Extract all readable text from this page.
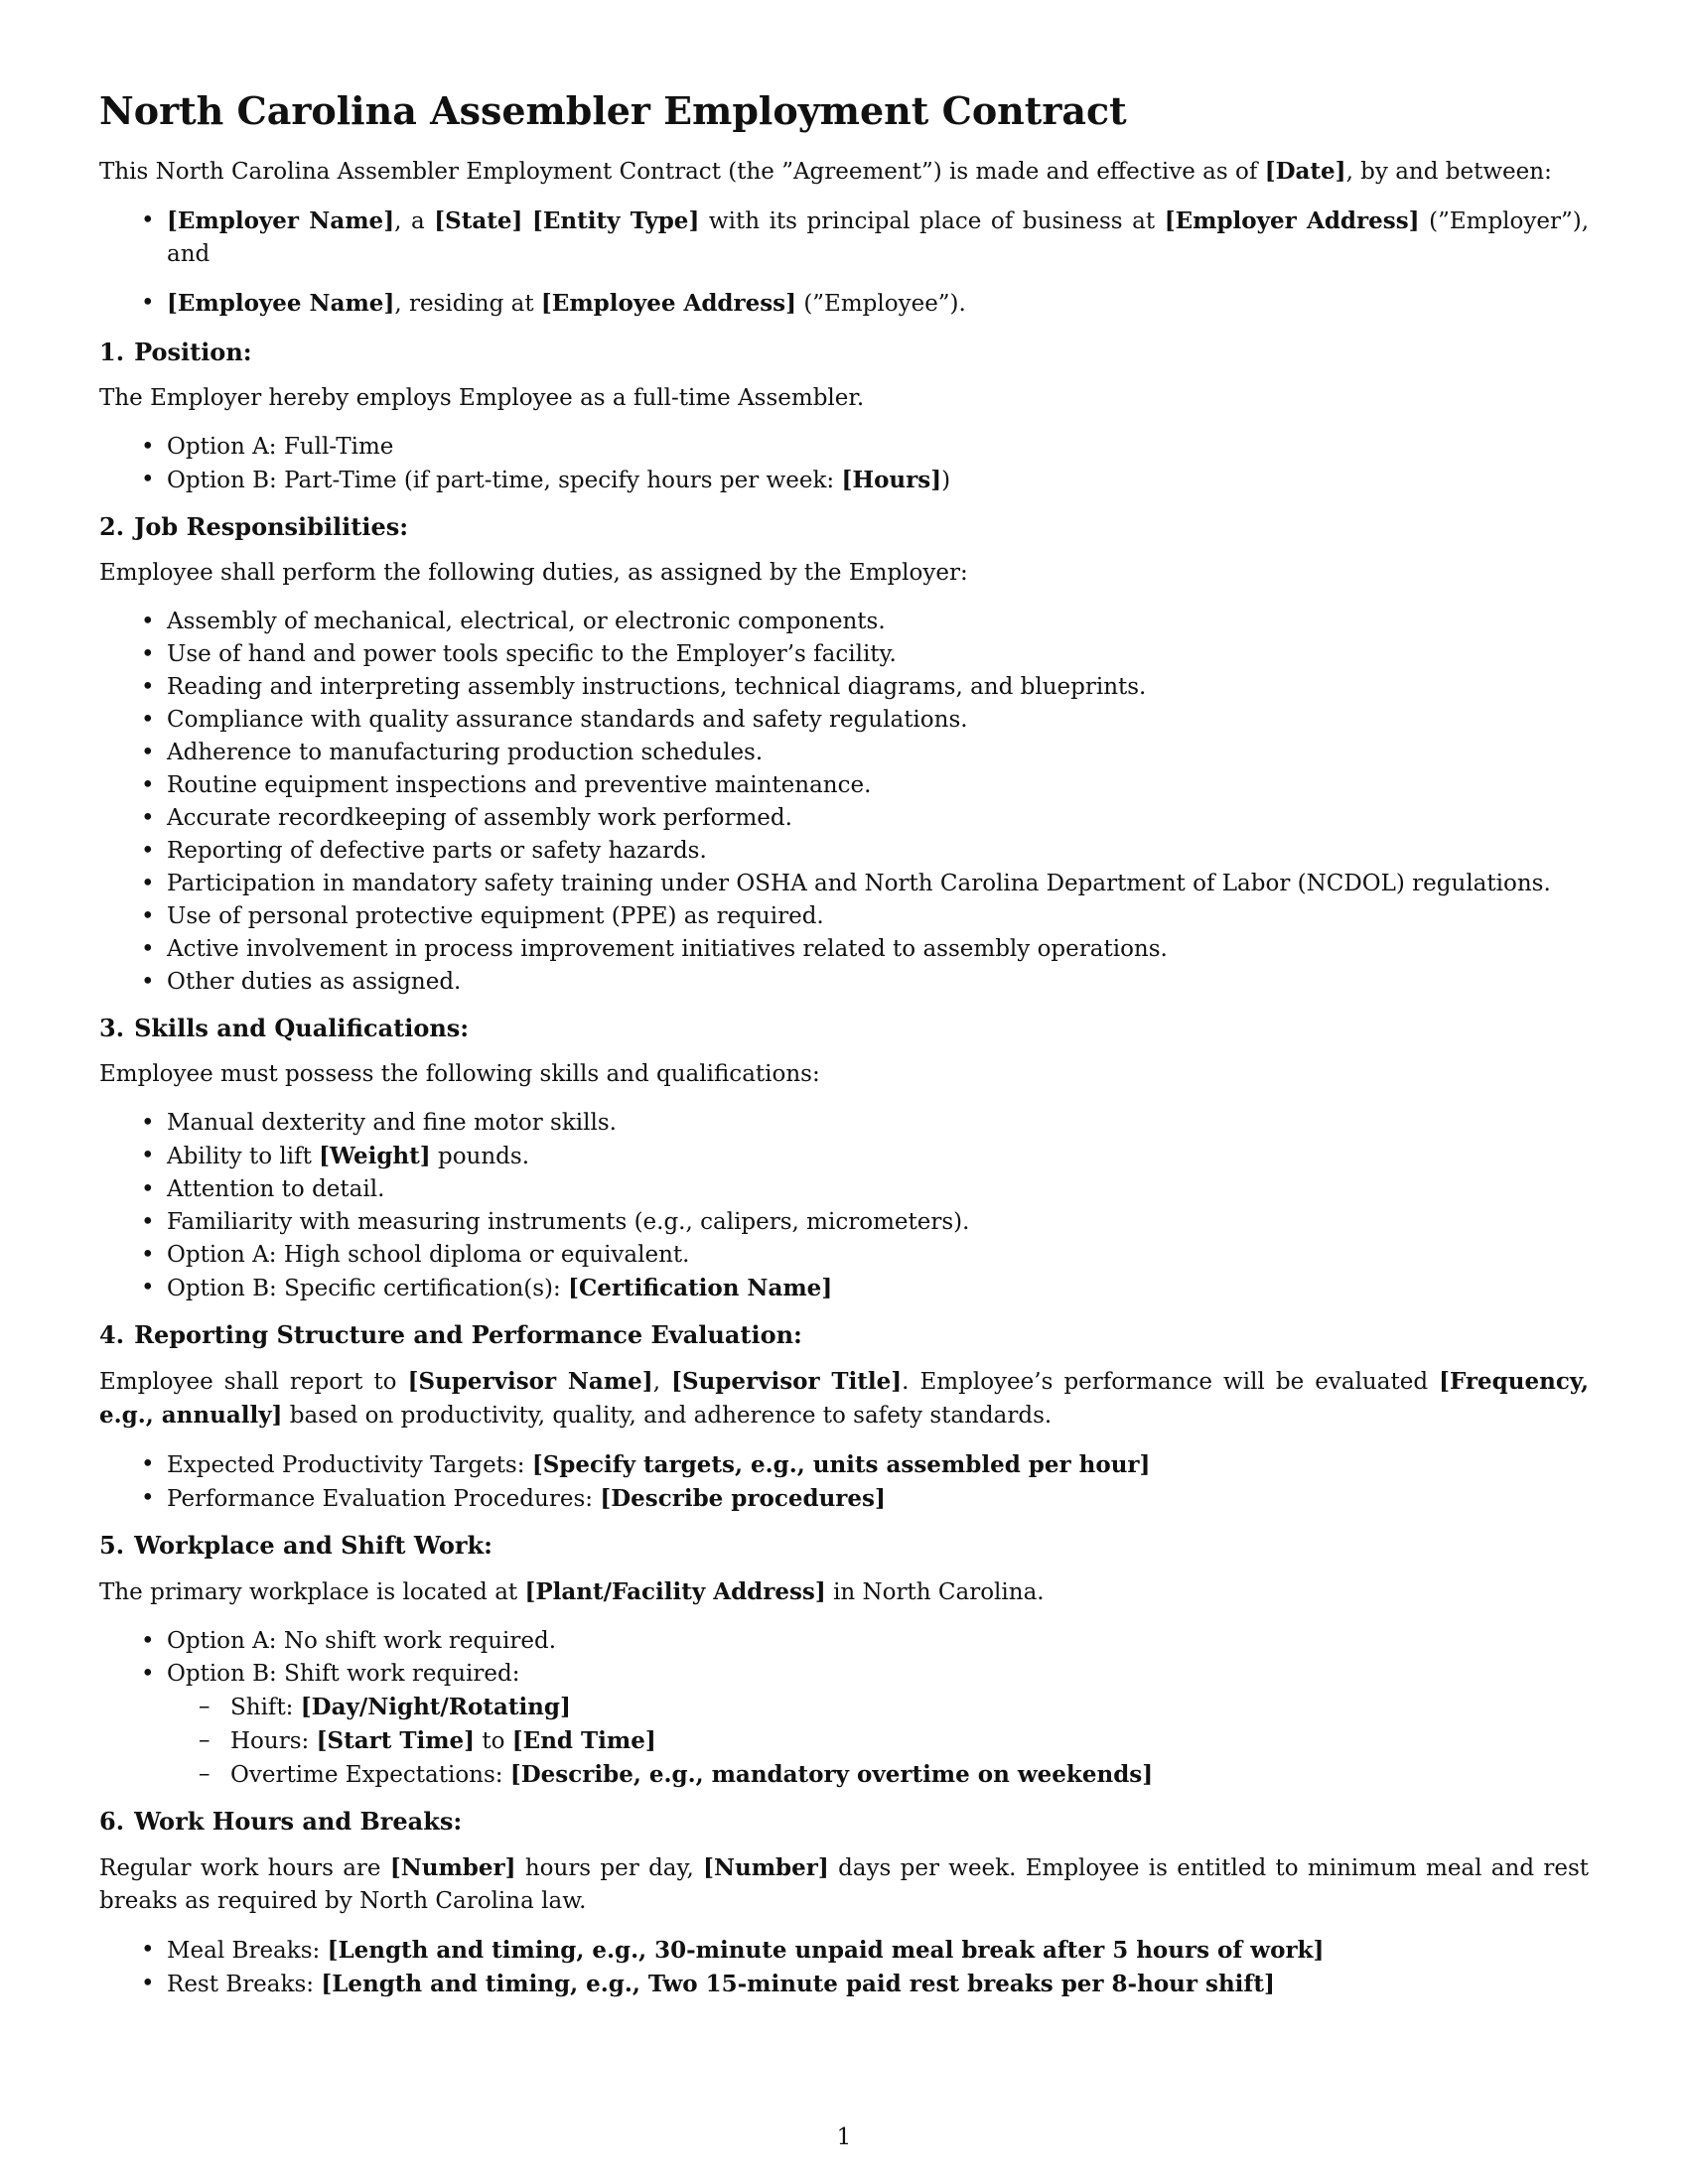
North Carolina Assembler Employment Contract

This North Carolina Assembler Employment Contract (the ”Agreement”) is made and effective as of [Date], by and between:

• [Employer Name], a [State] [Entity Type] with its principal place of business at [Employer Address] (”Employer”), and
• [Employee Name], residing at [Employee Address] (”Employee”).
1. Position:

The Employer hereby employs Employee as a full-time Assembler.

• Option A: Full-Time
• Option B: Part-Time (if part-time, specify hours per week: [Hours])
2. Job Responsibilities:

Employee shall perform the following duties, as assigned by the Employer:

• Assembly of mechanical, electrical, or electronic components.
• Use of hand and power tools specific to the Employer’s facility.
• Reading and interpreting assembly instructions, technical diagrams, and blueprints.
• Compliance with quality assurance standards and safety regulations.
• Adherence to manufacturing production schedules.
• Routine equipment inspections and preventive maintenance.
• Accurate recordkeeping of assembly work performed.
• Reporting of defective parts or safety hazards.
• Participation in mandatory safety training under OSHA and North Carolina Department of Labor (NCDOL) regulations.
• Use of personal protective equipment (PPE) as required.
• Active involvement in process improvement initiatives related to assembly operations.
• Other duties as assigned.
3. Skills and Qualifications:

Employee must possess the following skills and qualifications:

• Manual dexterity and fine motor skills.
• Ability to lift [Weight] pounds.
• Attention to detail.
• Familiarity with measuring instruments (e.g., calipers, micrometers).
• Option A: High school diploma or equivalent.
• Option B: Specific certification(s): [Certification Name]
4. Reporting Structure and Performance Evaluation:

Employee shall report to [Supervisor Name], [Supervisor Title]. Employee’s performance will be evaluated [Frequency, e.g., annually] based on productivity, quality, and adherence to safety standards.

• Expected Productivity Targets: [Specify targets, e.g., units assembled per hour]
• Performance Evaluation Procedures: [Describe procedures]
5. Workplace and Shift Work:

The primary workplace is located at [Plant/Facility Address] in North Carolina.

• Option A: No shift work required.
• Option B: Shift work required:
– Shift: [Day/Night/Rotating]
– Hours: [Start Time] to [End Time]
– Overtime Expectations: [Describe, e.g., mandatory overtime on weekends]
6. Work Hours and Breaks:

Regular work hours are [Number] hours per day, [Number] days per week. Employee is entitled to minimum meal and rest breaks as required by North Carolina law.

• Meal Breaks: [Length and timing, e.g., 30-minute unpaid meal break after 5 hours of work]
• Rest Breaks: [Length and timing, e.g., Two 15-minute paid rest breaks per 8-hour shift]
1
